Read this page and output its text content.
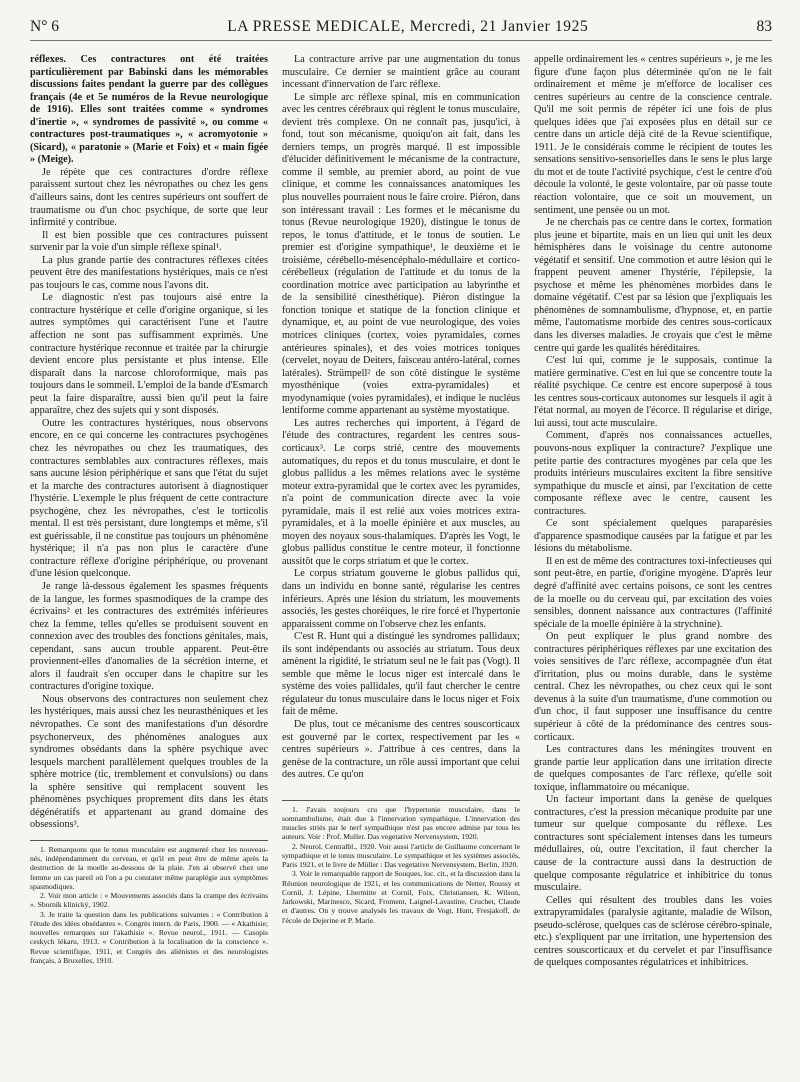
N° 6	LA PRESSE MEDICALE, Mercredi, 21 Janvier 1925	83

réflexes. Ces contractures ont été traitées particulièrement par Babinski dans les mémorables discussions faites pendant la guerre par des collègues français (4e et 5e numéros de la Revue neurologique de 1916). Elles sont traitées comme « syndromes d'inertie », « syndromes de passivité », ou comme « contractures post-traumatiques », « acromyotonie » (Sicard), « paratonie » (Marie et Foix) et « main figée » (Meige).

Je répète que ces contractures d'ordre réflexe paraissent surtout chez les névropathes ou chez les gens d'ailleurs sains, dont les centres supérieurs ont souffert de traumatisme ou d'un choc psychique, de sorte que leur infirmité y contribue.

Il est bien possible que ces contractures puissent survenir par la voie d'un simple réflexe spinal¹.

La plus grande partie des contractures réflexes citées peuvent être des manifestations hystériques, mais ce n'est pas toujours le cas, comme nous l'avons dit.

Le diagnostic n'est pas toujours aisé entre la contracture hystérique et celle d'origine organique, si les autres symptômes qui caractérisent l'une et l'autre affection ne sont pas suffisamment exprimés. Une contracture hystérique reconnue et traitée par la chirurgie devient encore plus persistante et plus intense. Elle disparaît dans la narcose chloroformique, mais pas toujours dans le sommeil. L'emploi de la bande d'Esmarch peut la faire disparaître, aussi bien qu'il peut la faire apparaître, chez des sujets qui y sont disposés.

Outre les contractures hystériques, nous observons encore, en ce qui concerne les contractures psychogènes chez les névropathes ou chez les traumatiques, des contractures semblables aux contractures réflexes, mais sans aucune lésion périphérique et sans que l'état du sujet et la marche des contractures autorisent à diagnostiquer l'hystérie. L'exemple le plus fréquent de cette contracture psychogène, chez les névropathes, c'est le torticolis mental. Il est très persistant, dure longtemps et même, s'il est guérissable, il ne constitue pas toujours un phénomène hystérique; il n'a pas non plus le caractère d'une contracture réflexe d'origine périphérique, ou provenant d'une lésion quelconque.

Je range là-dessous également les spasmes fréquents de la langue, les formes spasmodiques de la crampe des écrivains² et les contractures des extrémités inférieures chez la femme, telles qu'elles se produisent souvent en connexion avec des troubles des fonctions génitales, mais, cependant, sans aucun trouble apparent. Peut-être proviennent-elles d'anomalies de la sécrétion interne, et alors il faudrait s'en occuper dans le chapitre sur les contractures d'origine toxique.

Nous observons des contractures non seulement chez les hystériques, mais aussi chez les neurasthéniques et les névropathes. Ce sont des manifestations d'un désordre psychonerveux, des phénomènes analogues aux syndromes obsédants dans la sphère psychique avec lesquels marchent parallèlement quelques troubles de la sphère motrice (tic, tremblement et convulsions) ou dans la sphère sensitive qui remplacent souvent les phénomènes psychiques proprement dits dans les états dégénératifs et appartenant au grand domaine des obsessions³.

1. Remarquons que le tonus musculaire est augmenté chez les nouveau-nés, indépendamment du cerveau, et qu'il en peut être de même après la destruction de la moelle au-dessous de la plaie. J'en ai observé chez une femme un cas pareil où l'on a pu constater même paraplégie aux symptômes spasmodiques.

2. Voir mon article : « Mouvements associés dans la crampe des écrivains ». Sborník klinický, 1902.

3. Je traite la question dans les publications suivantes : « Contribution à l'étude des idées obsédantes ». Congrès intern. de Paris, 1900. — « Akathisie; nouvelles remarques sur l'akathisie ». Revue neurol., 1911. — Casopis ceskych lékaru, 1913. « Contribution à la localisation de la conscience ». Revue scientifique, 1911, et Congrès des aliénistes et des neurologistes français, à Bruxelles, 1910.

La contracture arrive par une augmentation du tonus musculaire. Ce dernier se maintient grâce au courant incessant d'innervation de l'arc réflexe.

Le simple arc réflexe spinal, mis en communication avec les centres cérébraux qui règlent le tonus musculaire, devient très complexe. On ne connaît pas, jusqu'ici, à fond, tout son mécanisme, quoiqu'on ait fait, dans les derniers temps, un progrès marqué. Il est impossible d'élucider définitivement le mécanisme de la contracture, comme il semble, au premier abord, au point de vue clinique, et comme les connaissances anatomiques les plus nouvelles pourraient nous le faire croire. Piéron, dans son intéressant travail : Les formes et le mécanisme du tonus (Revue neurologique 1920), distingue le tonus de repos, le tonus d'attitude, et le tonus de soutien. Le premier est d'origine sympathique¹, le deuxième et le troisième, cérébello-mésencéphalo-médullaire et cortico-cérébelleux (régulation de l'attitude et du tonus de la coordination motrice avec participation au labyrinthe et de la sensibilité cinesthétique). Piéron distingue la fonction tonique et statique de la fonction clinique et dynamique, et, au point de vue neurologique, des voies motrices cliniques (cortex, voies pyramidales, cornes antérieures spinales), et des voies motrices toniques (cervelet, noyau de Deiters, faisceau antéro-latéral, cornes latérales). Strümpell² de son côté distingue le système myosthénique (voies extra-pyramidales) et myodynamique (voies pyramidales), et indique le nucléus lentiforme comme appartenant au système myostatique.

Les autres recherches qui importent, à l'égard de l'étude des contractures, regardent les centres sous-corticaux³. Le corps strié, centre des mouvements automatiques, du repos et du tonus musculaire, et dont le globus pallidus a les mêmes relations avec le système moteur extra-pyramidal que le cortex avec les pyramides, n'a point de communication directe avec la voie pyramidale, mais il est relié aux voies motrices extra-pyramidales, et à la moelle épinière et aux muscles, au moyen des noyaux sous-thalamiques. D'après les Vogt, le globus pallidus constitue le centre moteur, il fonctionne aussitôt que le corps striatum et que le cortex.

Le corpus striatum gouverne le globus pallidus qui, dans un individu en bonne santé, régularise les centres inférieurs. Après une lésion du striatum, les mouvements associés, les gestes choréiques, le rire forcé et l'hypertonie apparaissent comme on l'observe chez les enfants.

C'est R. Hunt qui a distingué les syndromes pallidaux; ils sont indépendants ou associés au striatum. Tous deux amènent la rigidité, le striatum seul ne le fait pas (Vogt). Il semble que même le locus niger est intercalé dans le système des voies pallidales, qu'il faut chercher le centre régulateur du tonus musculaire dans le locus niger et Foix fait de même.

De plus, tout ce mécanisme des centres souscorticaux est gouverné par le cortex, respectivement par les « centres supérieurs ». J'attribue à ces centres, dans la genèse de la contracture, un rôle aussi important que celui des autres. Ce qu'on

1. J'avais toujours cru que l'hypertonie musculaire, dans le somnambulisme, était due à l'innervation sympathique. L'innervation des muscles striés par le nerf sympathique n'est pas encore admise par tous les auteurs. Voir : Prof. Muller. Das vegetative Nervensystem, 1920.

2. Neurol. Centralbl., 1920. Voir aussi l'article de Guillaume concernant le sympathique et le tonus musculaire. Le sympathique et les systèmes associés, Paris 1921, et le livre de Müller : Das vegetative Nervensystem, Berlin, 1920.

3. Voir le remarquable rapport de Souques, loc. cit., et la discussion dans la Réunion neurologique de 1921, et les communications de Netter, Roussy et Cornil, J. Lépine, Lhermitte et Cornil, Foix, Christiansen, K. Wilson, Jarkowski, Marinesco, Sicard, Froment, Laignel-Lavastine, Cruchet, Claude et d'autres. On y trouve analysés les travaux de Vogt, Hunt, Fresjakoff, de l'école de Dejerine et P. Marie.

appelle ordinairement les « centres supérieurs », je me les figure d'une façon plus déterminée qu'on ne le fait ordinairement et même je m'efforce de localiser ces centres supérieurs au centre de la conscience centrale. Qu'il me soit permis de répéter ici une fois de plus quelques idées que j'ai exposées plus en détail sur ce centre dans un article déjà cité de la Revue scientifique, 1911. Je le considérais comme le récipient de toutes les sensations sensitivo-sensorielles dans le sens le plus large du mot et de toute l'activité psychique, c'est le centre d'où découle la volonté, le geste volontaire, par où passe toute réaction volontaire, que ce soit un mouvement, un sentiment, une pensée ou un mot.

Je ne cherchais pas ce centre dans le cortex, formation plus jeune et bipartite, mais en un lieu qui unit les deux hémisphères dans le voisinage du centre autonome végétatif et sensitif. Une commotion et autre lésion qui le frappent peuvent amener l'hystérie, l'épilepsie, la psychose et même les phénomènes morbides dans le domaine végétatif. C'est par sa lésion que j'expliquais les phénomènes de somnambulisme, d'hypnose, et, en partie même, l'automatisme morbide des centres sous-corticaux dans les diverses maladies. Je croyais que c'est le même centre qui garde les qualités héréditaires.

C'est lui qui, comme je le supposais, continue la matière germinative. C'est en lui que se concentre toute la réalité psychique. Ce centre est encore superposé à tous les centres sous-corticaux autonomes sur lesquels il agit à l'état normal, au moyen de l'écorce. Il régularise et dirige, lui aussi, tout acte musculaire.

Comment, d'après nos connaissances actuelles, pouvons-nous expliquer la contracture? J'explique une petite partie des contractures myogènes par cela que les produits intérieurs musculaires excitent la fibre sensitive sympathique du muscle et ainsi, par l'excitation de cette composante réflexe avec le centre, causent les contractures.

Ce sont spécialement quelques paraparésies d'apparence spasmodique causées par la fatigue et par les lésions du métabolisme.

Il en est de même des contractures toxi-infectieuses qui sont peut-être, en partie, d'origine myogène. D'après leur degré d'affinité avec certains poisons, ce sont les centres de la moelle ou du cerveau qui, par excitation des voies sensibles, donnent naissance aux contractures (l'affinité spéciale de la moelle épinière à la strychnine).

On peut expliquer le plus grand nombre des contractures périphériques réflexes par une excitation des voies sensitives de l'arc réflexe, accompagnée d'un état d'irritation, plus ou moins durable, dans le système central. Chez les névropathes, ou chez ceux qui le sont devenus à la suite d'un traumatisme, d'une commotion ou d'un choc, il faut supposer une insuffisance du centre supérieur à côté de la prédominance des centres sous-corticaux.

Les contractures dans les méningites trouvent en grande partie leur application dans une irritation directe de quelques composantes de l'arc réflexe, qu'elle soit toxique, inflammatoire ou mécanique.

Un facteur important dans la genèse de quelques contractures, c'est la pression mécanique produite par une tumeur sur quelque composante du réflexe. Les contractures sont spécialement intenses dans les tumeurs médullaires, où, outre l'excitation, il faut chercher la cause de la contracture aussi dans la destruction de quelque composante régulatrice et inhibitrice du tonus musculaire.

Celles qui résultent des troubles dans les voies extrapyramidales (paralysie agitante, maladie de Wilson, pseudo-sclérose, quelques cas de sclérose cérébro-spinale, etc.) s'expliquent par une irritation, une hypertension des centres souscorticaux et du cervelet et par l'insuffisance de quelques composantes régulatrices et inhibitrices.
